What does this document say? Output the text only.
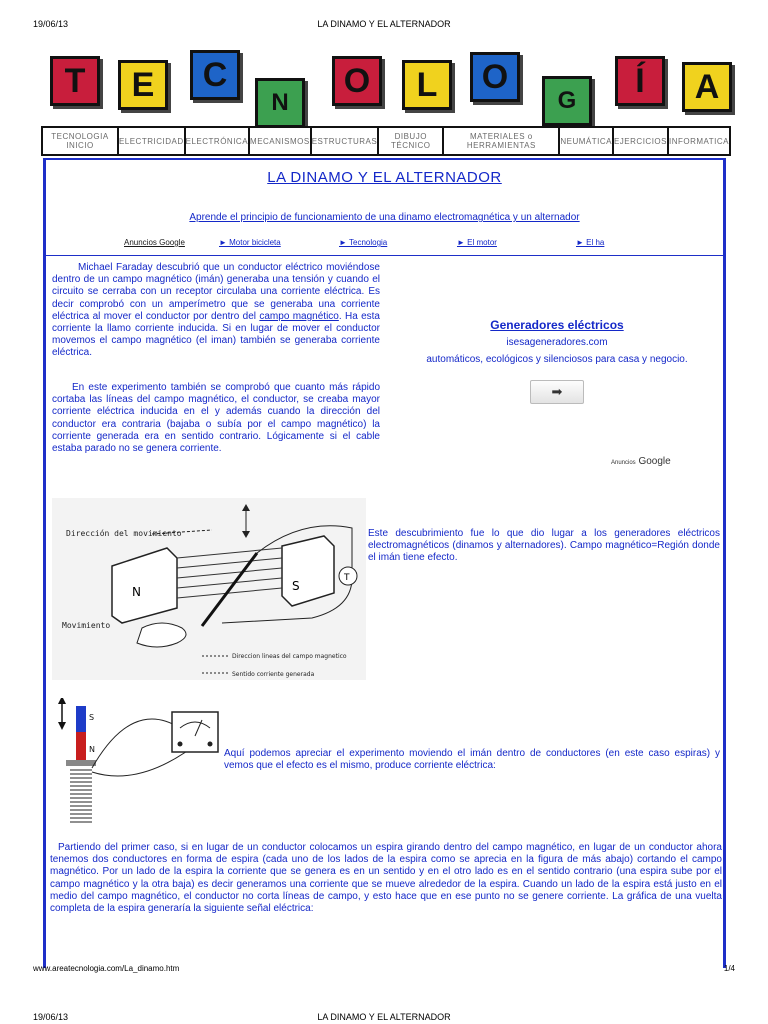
19/06/13	LA DINAMO Y EL ALTERNADOR
T	E	C
N
O	L	O
G
Í	A
TECNOLOGIA INICIO	ELECTRICIDAD ELECTRÓNICA MECANISMOS ESTRUCTURAS	DIBUJO TÉCNICO
MATERIALES o HERRAMIENTAS	NEUMÁTICA EJERCICIOS INFORMATICA
LA DINAMO Y EL ALTERNADOR
Aprende el principio de funcionamiento de una dinamo electromagnética y un alternador
Anuncios Google	► Motor bicicleta	► Tecnologia	► El motor	► El ha
Michael Faraday descubrió que un conductor eléctrico moviéndose dentro de un campo magnético (imán) generaba una tensión y cuando el circuito se cerraba con un receptor circulaba una corriente eléctrica. Es decir comprobó con un amperímetro que se generaba una corriente eléctrica al mover el conductor por dentro del campo magnético. Ha esta corriente la llamo corriente inducida. Si en lugar de mover el conductor movemos el campo magnético (el iman) también se generaba corriente eléctrica.
En este experimento también se comprobó que cuanto más rápido cortaba las líneas del campo magnético, el conductor, se creaba mayor corriente eléctrica inducida en el y además cuando la dirección del conductor era contraria (bajaba o subía por el campo magnético) la corriente generada era en sentido contrario. Lógicamente si el cable estaba parado no se genera corriente.
Generadores eléctricos
isesageneradores.com
automáticos, ecológicos y silenciosos para casa y negocio.
➡
Anuncios Google
Dirección del movimiento
N	S
T
Movimiento
Direccion lineas del campo magnetico
Sentido corriente generada
Este descubrimiento fue lo que dio lugar a los generadores eléctricos electromagnéticos (dinamos y alternadores). Campo magnético=Región donde el imán tiene efecto.
S
N	Aquí podemos apreciar el experimento moviendo el imán dentro de conductores (en este caso espiras) y vemos que el efecto es el mismo, produce corriente eléctrica:
Partiendo del primer caso, si en lugar de un conductor colocamos un espira girando dentro del campo magnético, en lugar de un conductor ahora tenemos dos conductores en forma de espira (cada uno de los lados de la espira como se aprecia en la figura de más abajo) cortando el campo magnético. Por un lado de la espira la corriente que se genera es en un sentido y en el otro lado es en el sentido contrario (una espira sube por el campo magnético y la otra baja) es decir generamos una corriente que se mueve alrededor de la espira. Cuando un lado de la espira está justo en el medio del campo magnético, el conductor no corta líneas de campo, y esto hace que en ese punto no se genere corriente. La gráfica de una vuelta completa de la espira generaría la siguiente señal eléctrica:
www.areatecnologia.com/La_dinamo.htm	1/4
19/06/13	LA DINAMO Y EL ALTERNADOR
